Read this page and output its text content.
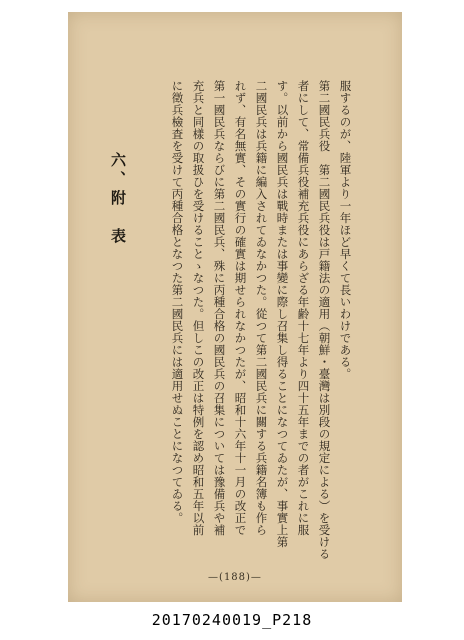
服するのが、陸軍より一年ほど早くて長いわけである。
第二國民兵役　第二國民兵役は戸籍法の適用（朝鮮・臺灣は別段の規定による）を受ける
者にして、常備兵役補充兵役にあらざる年齢十七年より四十五年までの者がこれに服
す。以前から國民兵は戰時または事變に際し召集し得ることになつてゐたが、事實上第
二國民兵は兵籍に編入されてゐなかつた。從つて第二國民兵に關する兵籍名簿も作ら
れず、有名無實、その實行の確實は期せられなかつたが、昭和十六年十一月の改正で
第一國民兵ならびに第二國民兵、殊に丙種合格の國民兵の召集については豫備兵や補
充兵と同樣の取扱ひを受けることゝなつた。但しこの改正は特例を認め昭和五年以前
に徵兵檢査を受けて丙種合格となつた第二國民兵には適用せぬことになつてゐる。
六、附　表
—(188)—
20170240019_P218
